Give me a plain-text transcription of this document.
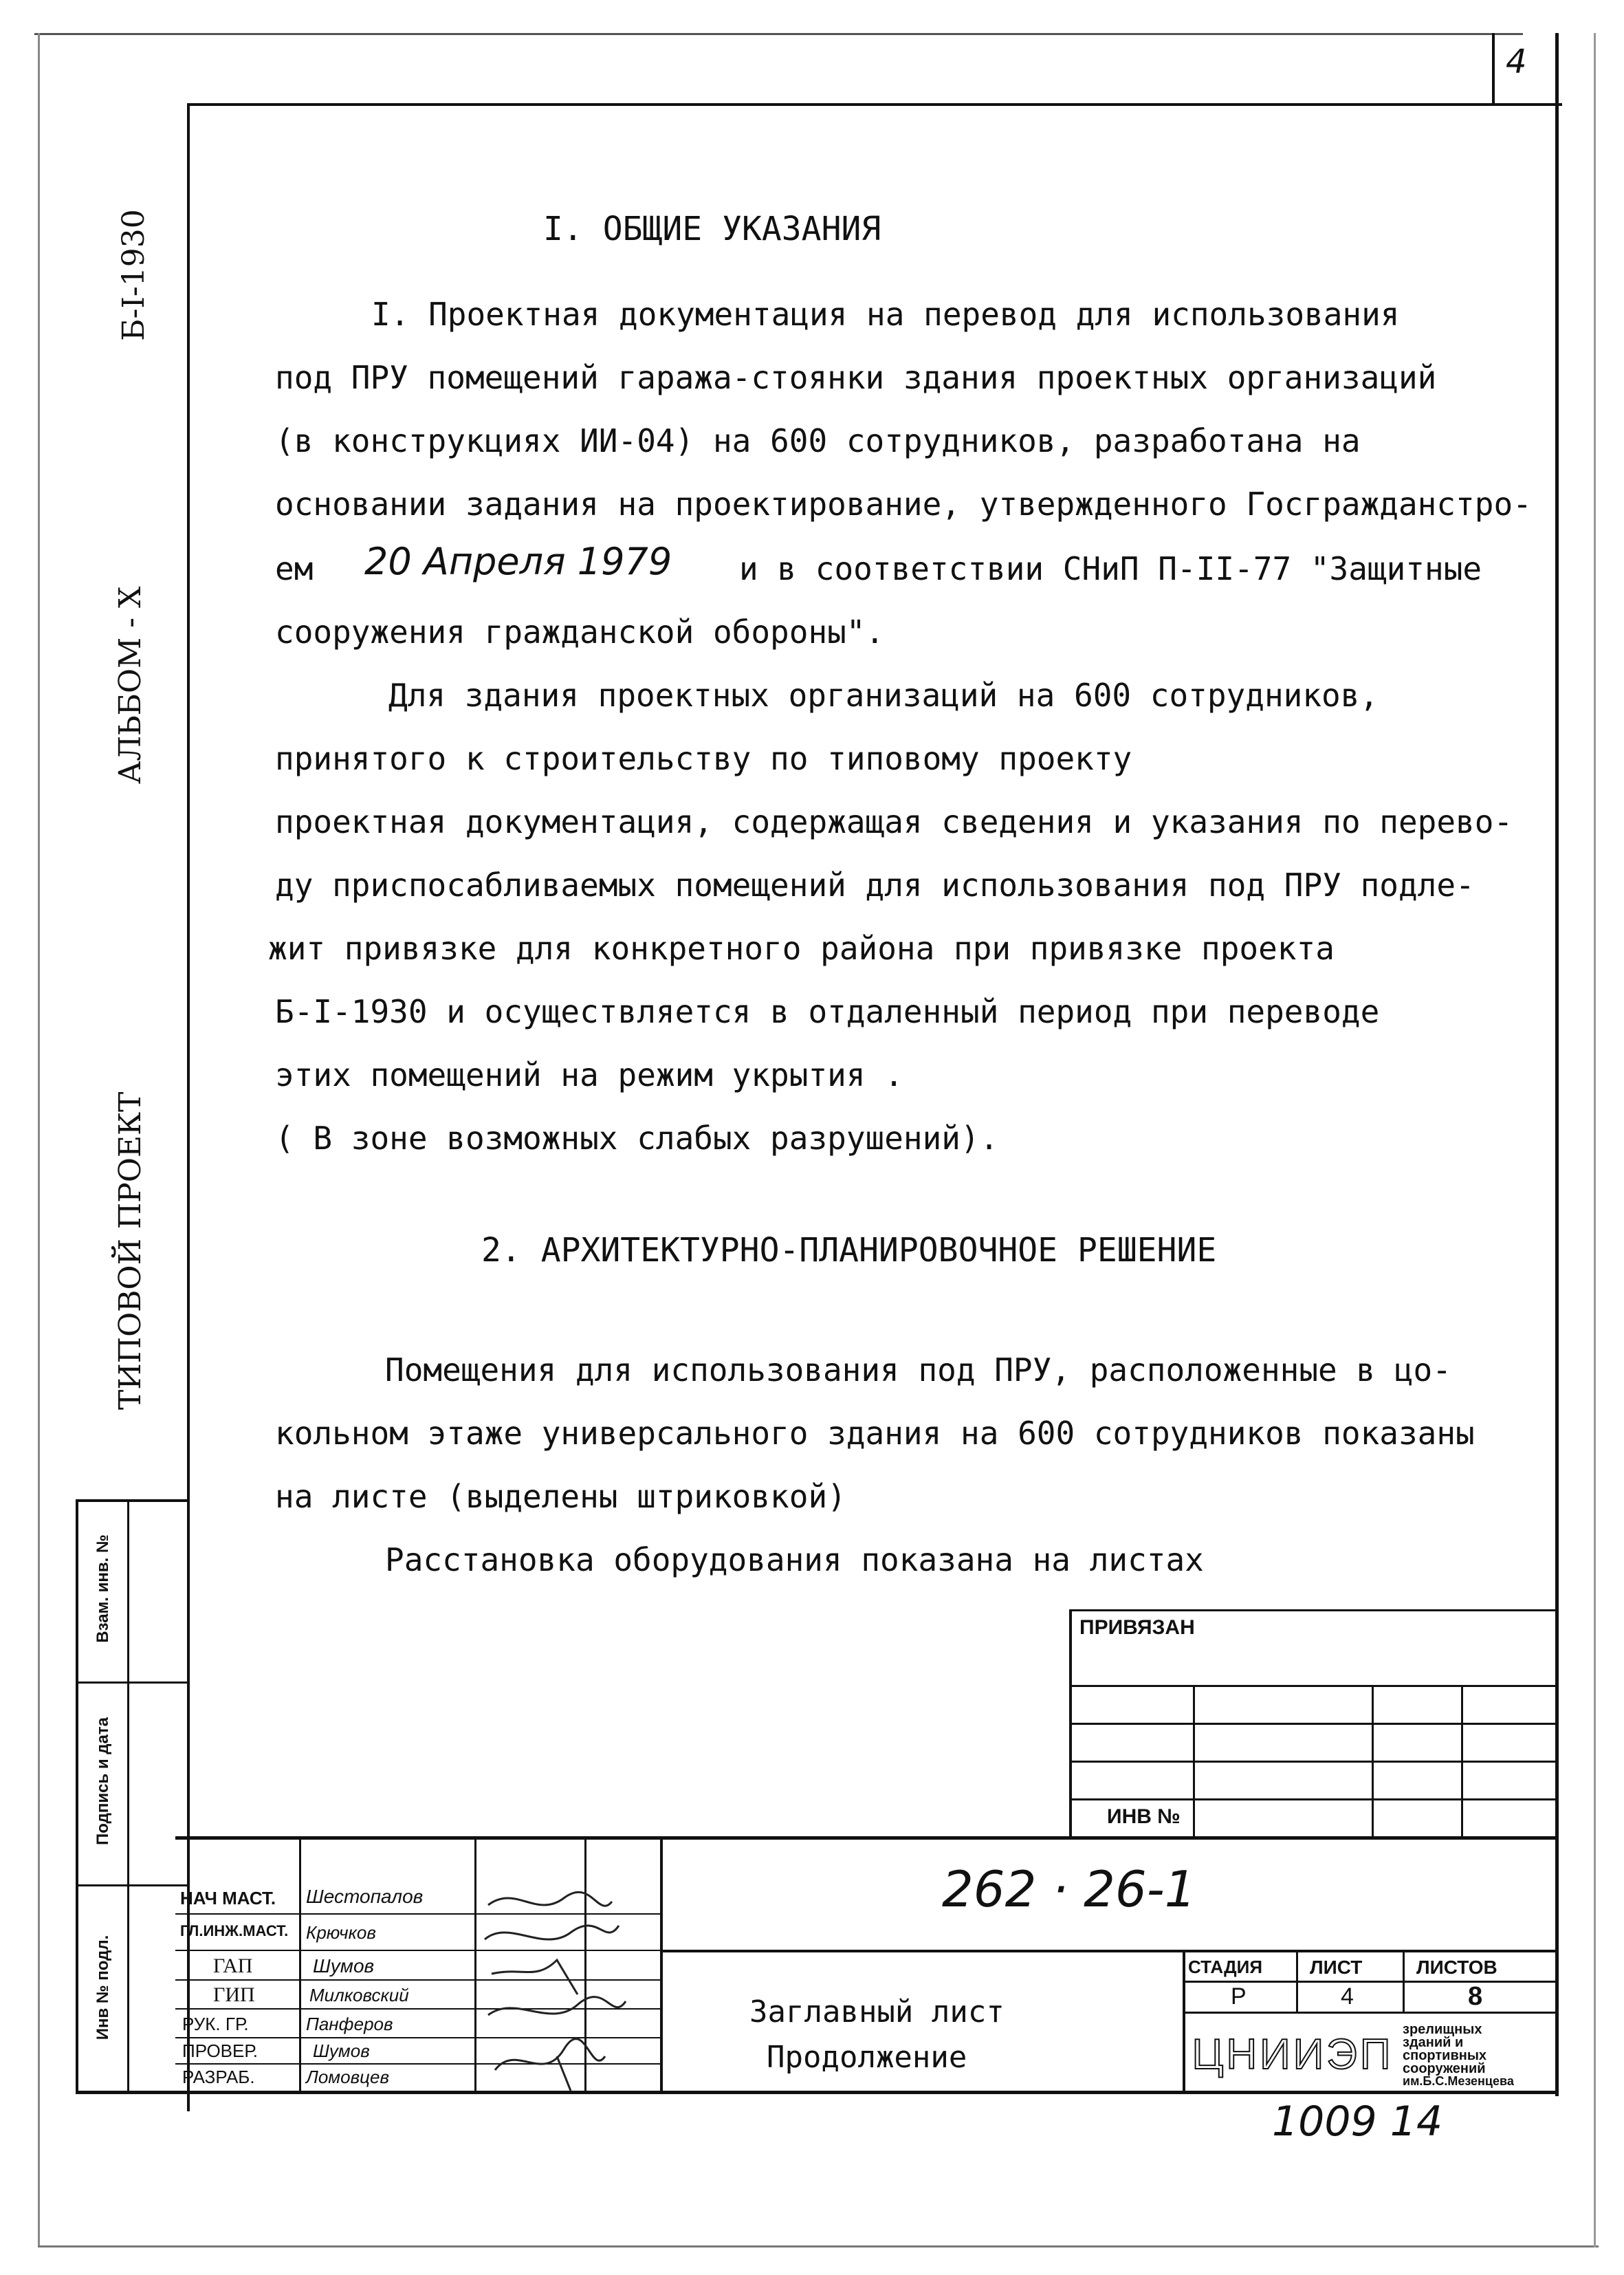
4
Б-I-1930
АЛЬБОМ - X
ТИПОВОЙ ПРОЕКТ
Инв № подл.
Подпись и дата
Взам. инв. №
I. ОБЩИЕ УКАЗАНИЯ
I. Проектная документация на перевод для использования
под ПРУ помещений гаража-стоянки здания проектных организаций
(в конструкциях ИИ-04) на 600 сотрудников, разработана на
основании задания на проектирование, утвержденного Госгражданстро-
ем 20 Апреля 1979 и в соответствии СНиП П-II-77 "Защитные
сооружения гражданской обороны".
Для здания проектных организаций на 600 сотрудников,
принятого к строительству по типовому проекту
проектная документация, содержащая сведения и указания по перево-
ду приспосабливаемых помещений для использования под ПРУ подле-
жит привязке для конкретного района при привязке проекта
Б-I-1930 и осуществляется в отдаленный период при переводе
этих помещений на режим укрытия .
( В зоне возможных слабых разрушений).
2. АРХИТЕКТУРНО-ПЛАНИРОВОЧНОЕ РЕШЕНИЕ
Помещения для использования под ПРУ, расположенные в цо-
кольном этаже универсального здания на 600 сотрудников показаны
на листе (выделены штриковкой)
Расстановка оборудования показана на листах
ПРИВЯЗАН
ИНВ №
НАЧ МАСТ. Шестопалов
ГЛ.ИНЖ.МАСТ. Крючков
ГАП	Шумов
ГИП	Милковский
РУК. ГР.	Панферов
ПРОВЕР.	Шумов
РАЗРАБ.	Ломовцев
262 · 26-1
Заглавный лист
Продолжение
СТАДИЯ ЛИСТ	ЛИСТОВ
Р	4	8
ЦНИИЭП
зрелищных
зданий и
спортивных
сооружений
им.Б.С.Мезенцева
1009 14
